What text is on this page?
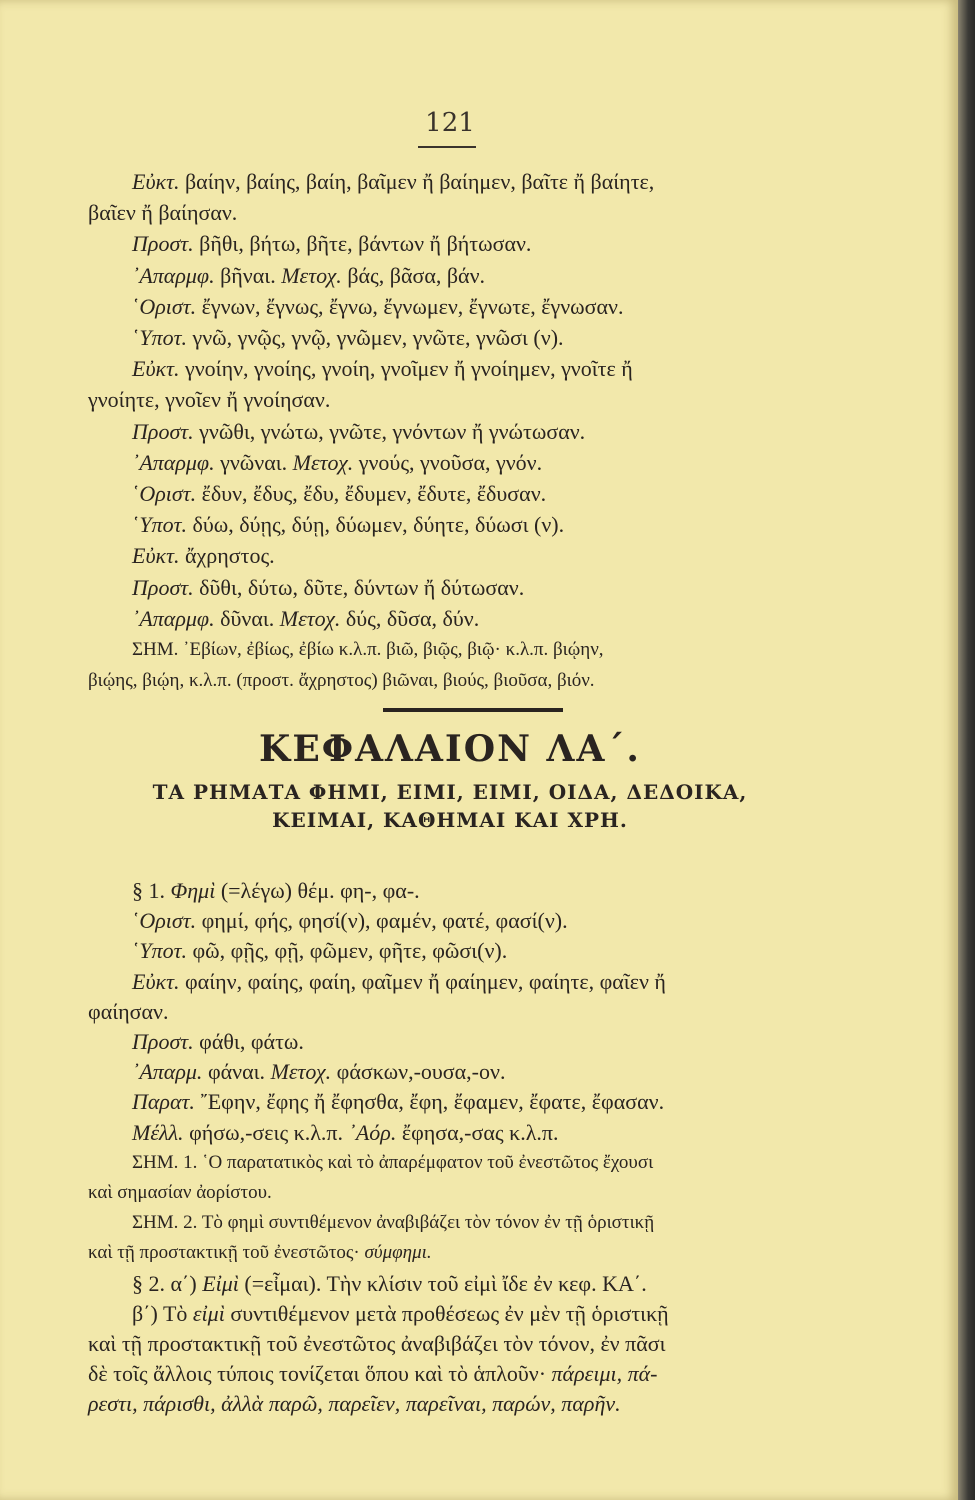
121
Εὐκτ. βαίην, βαίης, βαίη, βαῖμεν ἤ βαίημεν, βαῖτε ἤ βαίητε,
βαῖεν ἤ βαίησαν.
Προστ. βῆθι, βήτω, βῆτε, βάντων ἤ βήτωσαν.
᾿Απαρμφ. βῆναι. Μετοχ. βάς, βᾶσα, βάν.
῾Οριστ. ἔγνων, ἔγνως, ἔγνω, ἔγνωμεν, ἔγνωτε, ἔγνωσαν.
῾Υποτ. γνῶ, γνῷς, γνῷ, γνῶμεν, γνῶτε, γνῶσι (ν).
Εὐκτ. γνοίην, γνοίης, γνοίη, γνοῖμεν ἤ γνοίημεν, γνοῖτε ἤ
γνοίητε, γνοῖεν ἤ γνοίησαν.
Προστ. γνῶθι, γνώτω, γνῶτε, γνόντων ἤ γνώτωσαν.
᾿Απαρμφ. γνῶναι. Μετοχ. γνούς, γνοῦσα, γνόν.
῾Οριστ. ἔδυν, ἔδυς, ἔδυ, ἔδυμεν, ἔδυτε, ἔδυσαν.
῾Υποτ. δύω, δύῃς, δύῃ, δύωμεν, δύητε, δύωσι (ν).
Εὐκτ. ἄχρηστος.
Προστ. δῦθι, δύτω, δῦτε, δύντων ἤ δύτωσαν.
᾿Απαρμφ. δῦναι. Μετοχ. δύς, δῦσα, δύν.
ΣΗΜ. ᾿Εβίων, ἐβίως, ἐβίω κ.λ.π. βιῶ, βιῷς, βιῷ· κ.λ.π. βιῴην,
βιῴης, βιῴη, κ.λ.π. (προστ. ἄχρηστος) βιῶναι, βιούς, βιοῦσα, βιόν.
ΚΕΦΑΛΑΙΟΝ ΛΑ΄.
ΤΑ ΡΗΜΑΤΑ ΦΗΜΙ, ΕΙΜΙ, ΕΙΜΙ, ΟΙΔΑ, ΔΕΔΟΙΚΑ,
ΚΕΙΜΑΙ, ΚΑΘΗΜΑΙ ΚΑΙ ΧΡΗ.
§ 1. Φημὶ (=λέγω) θέμ. φη-, φα-.
῾Οριστ. φημί, φής, φησί(ν), φαμέν, φατέ, φασί(ν).
῾Υποτ. φῶ, φῇς, φῇ, φῶμεν, φῆτε, φῶσι(ν).
Εὐκτ. φαίην, φαίης, φαίη, φαῖμεν ἤ φαίημεν, φαίητε, φαῖεν ἤ
φαίησαν.
Προστ. φάθι, φάτω.
᾿Απαρμ. φάναι. Μετοχ. φάσκων,-ουσα,-ον.
Παρατ. ῎Εφην, ἔφης ἤ ἔφησθα, ἔφη, ἔφαμεν, ἔφατε, ἔφασαν.
Μέλλ. φήσω,-σεις κ.λ.π. ᾿Αόρ. ἔφησα,-σας κ.λ.π.
ΣΗΜ. 1. ῾Ο παρατατικὸς καὶ τὸ ἀπαρέμφατον τοῦ ἐνεστῶτος ἔχουσι
καὶ σημασίαν ἀορίστου.
ΣΗΜ. 2. Τὸ φημὶ συντιθέμενον ἀναβιβάζει τὸν τόνον ἐν τῇ ὁριστικῇ
καὶ τῇ προστακτικῇ τοῦ ἐνεστῶτος· σύμφημι.
§ 2. α΄) Εἰμὶ (=εἶμαι). Τὴν κλίσιν τοῦ εἰμὶ ἴδε ἐν κεφ. ΚΑ΄.
β΄) Τὸ εἰμὶ συντιθέμενον μετὰ προθέσεως ἐν μὲν τῇ ὁριστικῇ
καὶ τῇ προστακτικῇ τοῦ ἐνεστῶτος ἀναβιβάζει τὸν τόνον, ἐν πᾶσι
δὲ τοῖς ἄλλοις τύποις τονίζεται ὅπου καὶ τὸ ἁπλοῦν· πάρειμι, πά-
ρεστι, πάρισθι, ἀλλὰ παρῶ, παρεῖεν, παρεῖναι, παρών, παρῆν.
